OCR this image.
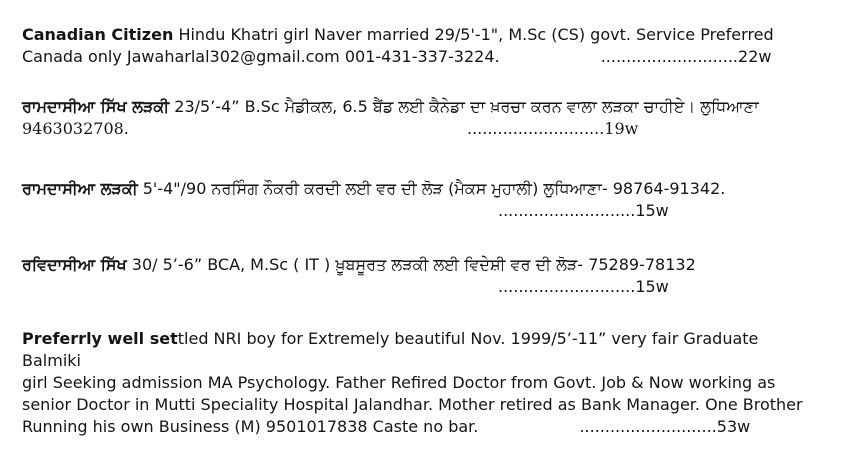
Canadian Citizen Hindu Khatri girl Naver married 29/5'-1", M.Sc (CS) govt. Service Preferred
Canada only Jawaharlal302@gmail.com 001-431-337-3224.	...........................22w
ਰਾਮਦਾਸੀਆ ਸਿੱਖ ਲੜਕੀ 23/5’-4” B.Sc ਮੈਡੀਕਲ, 6.5 ਬੈਂਡ ਲਈ ਕੈਨੇਡਾ ਦਾ ਖ਼ਰਚਾ ਕਰਨ ਵਾਲਾ ਲੜਕਾ ਚਾਹੀਏ। ਲੁਧਿਆਣਾ
9463032708.	...........................19w
ਰਾਮਦਾਸੀਆ ਲੜਕੀ 5'-4"/90 ਨਰਸਿੰਗ ਨੌਕਰੀ ਕਰਦੀ ਲਈ ਵਰ ਦੀ ਲੋੜ (ਮੈਕਸ ਮੁਹਾਲੀ) ਲੁਧਿਆਣਾ- 98764-91342.
...........................15w
ਰਵਿਦਾਸੀਆ ਸਿੱਖ 30/ 5’-6” BCA, M.Sc ( IT ) ਖ਼ੂਬਸੂਰਤ ਲੜਕੀ ਲਈ ਵਿਦੇਸ਼ੀ ਵਰ ਦੀ ਲੋੜ- 75289-78132
...........................15w
Preferrly well settled NRI boy for Extremely beautiful Nov. 1999/5’-11” very fair Graduate Balmiki
girl Seeking admission MA Psychology. Father Refired Doctor from Govt. Job & Now working as
senior Doctor in Mutti Speciality Hospital Jalandhar. Mother retired as Bank Manager. One Brother
Running his own Business (M) 9501017838 Caste no bar.	...........................53w
